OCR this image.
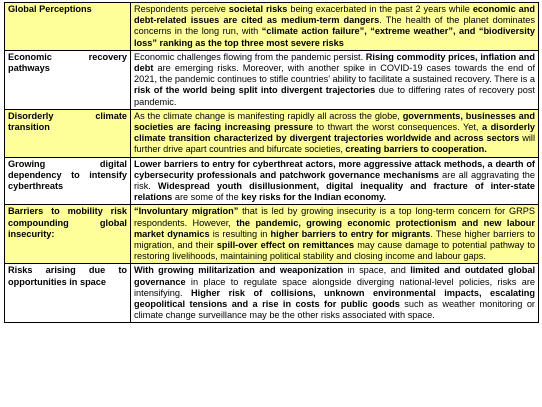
Global Perceptions	Respondents perceive societal risks being exacerbated in the past 2 years while economic and debt-related issues are cited as medium-term dangers. The health of the planet dominates concerns in the long run, with “climate action failure”, “extreme weather”, and “biodiversity loss” ranking as the top three most severe risks
Economic recovery pathways	Economic challenges flowing from the pandemic persist. Rising commodity prices, inflation and debt are emerging risks. Moreover, with another spike in COVID-19 cases towards the end of 2021, the pandemic continues to stifle countries’ ability to facilitate a sustained recovery. There is a risk of the world being split into divergent trajectories due to differing rates of recovery post pandemic.
Disorderly climate transition	As the climate change is manifesting rapidly all across the globe, governments, businesses and societies are facing increasing pressure to thwart the worst consequences. Yet, a disorderly climate transition characterized by divergent trajectories worldwide and across sectors will further drive apart countries and bifurcate societies, creating barriers to cooperation.
Growing digital dependency to intensify cyberthreats	Lower barriers to entry for cyberthreat actors, more aggressive attack methods, a dearth of cybersecurity professionals and patchwork governance mechanisms are all aggravating the risk. Widespread youth disillusionment, digital inequality and fracture of inter-state relations are some of the key risks for the Indian economy.
Barriers to mobility risk compounding global insecurity:	“Involuntary migration” that is led by growing insecurity is a top long-term concern for GRPS respondents. However, the pandemic, growing economic protectionism and new labour market dynamics is resulting in higher barriers to entry for migrants. These higher barriers to migration, and their spill-over effect on remittances may cause damage to potential pathway to restoring livelihoods, maintaining political stability and closing income and labour gaps.
Risks arising due to opportunities in space	With growing militarization and weaponization in space, and limited and outdated global governance in place to regulate space alongside diverging national-level policies, risks are intensifying. Higher risk of collisions, unknown environmental impacts, escalating geopolitical tensions and a rise in costs for public goods such as weather monitoring or climate change surveillance may be the other risks associated with space.
